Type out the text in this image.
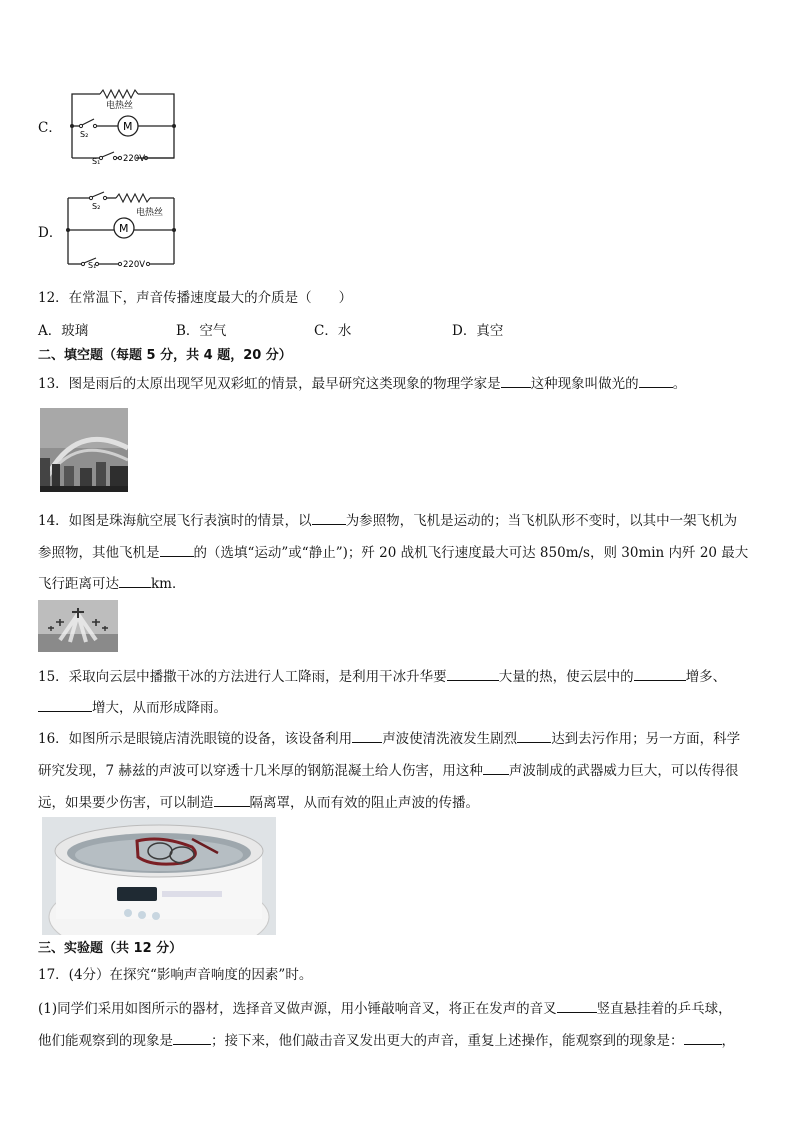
C．
电热丝
S₂
M
S₁	220V
D．
S₂
电热丝
M
S₁	220V
12．在常温下，声音传播速度最大的介质是（　　）
A．玻璃	B．空气	C．水	D．真空
二、填空题（每题 5 分，共 4 题，20 分）
13．图是雨后的太原出现罕见双彩虹的情景，最早研究这类现象的物理学家是 这种现象叫做光的	。
14．如图是珠海航空展飞行表演时的情景，以	为参照物，飞机是运动的；当飞机队形不变时，以其中一架飞机为
参照物，其他飞机是	的（选填“运动”或“静止”)；歼 20 战机飞行速度最大可达 850m/s，则 30min 内歼 20 最大
飞行距离可达 km．
15．采取向云层中播撒干冰的方法进行人工降雨，是利用干冰升华要	大量的热，使云层中的	增多、
增大，从而形成降雨。
16．如图所示是眼镜店清洗眼镜的设备，该设备利用 声波使清洗液发生剧烈	达到去污作用；另一方面，科学
研究发现，7 赫兹的声波可以穿透十几米厚的钢筋混凝土给人伤害，用这种 声波制成的武器威力巨大，可以传得很
远，如果要少伤害，可以制造	隔离罩，从而有效的阻止声波的传播。
三、实验题（共 12 分）
17．(4分）在探究“影响声音响度的因素”时。
(1)同学们采用如图所示的器材，选择音叉做声源，用小锤敲响音叉，将正在发声的音叉	竖直悬挂着的乒乓球，
他们能观察到的现象是	；接下来，他们敲击音叉发出更大的声音，重复上述操作，能观察到的现象是：	，
